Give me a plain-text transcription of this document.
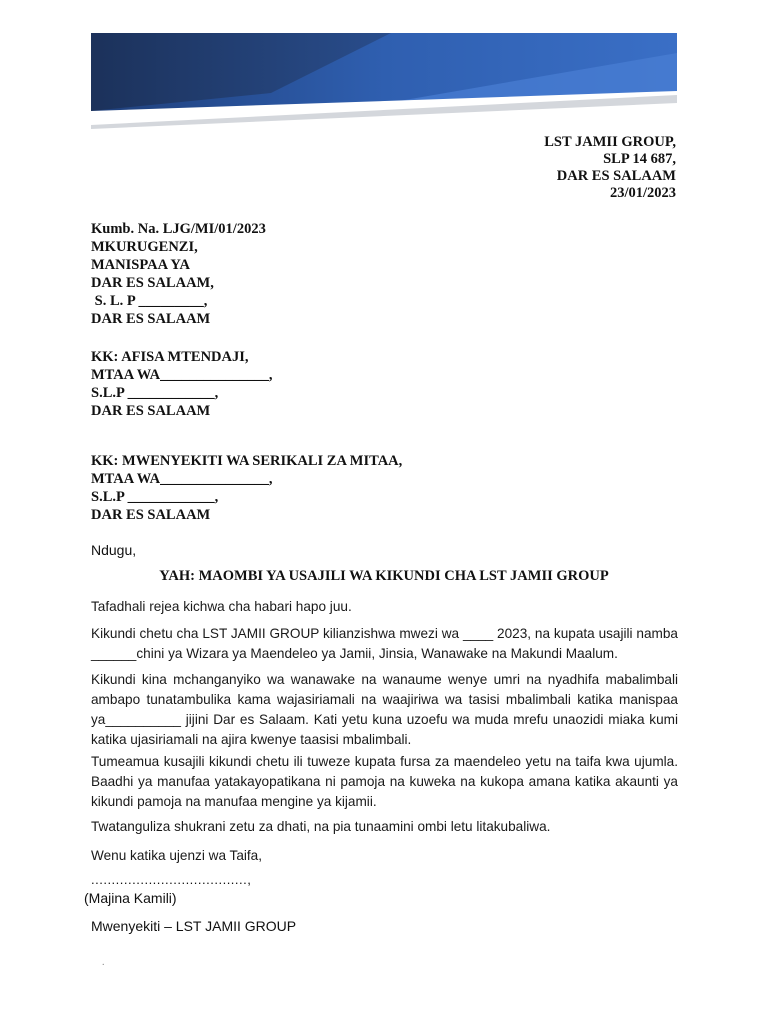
LST JAMII GROUP,
SLP 14 687,
DAR ES SALAAM
23/01/2023
Kumb. Na. LJG/MI/01/2023
MKURUGENZI,
MANISPAA YA
DAR ES SALAAM,
S. L. P _________,
DAR ES SALAAM
KK: AFISA MTENDAJI,
MTAA WA_______________,
S.L.P ____________,
DAR ES SALAAM
KK: MWENYEKITI WA SERIKALI ZA MITAA,
MTAA WA_______________,
S.L.P ____________,
DAR ES SALAAM
Ndugu,
YAH: MAOMBI YA USAJILI WA KIKUNDI CHA LST JAMII GROUP
Tafadhali rejea kichwa cha habari hapo juu.
Kikundi chetu cha LST JAMII GROUP kilianzishwa mwezi wa ____ 2023, na kupata usajili namba ______chini ya Wizara ya Maendeleo ya Jamii, Jinsia, Wanawake na Makundi Maalum.
Kikundi kina mchanganyiko wa wanawake na wanaume wenye umri na nyadhifa mabalimbali ambapo tunatambulika kama wajasiriamali na waajiriwa wa tasisi mbalimbali katika manispaa ya__________ jijini Dar es Salaam. Kati yetu kuna uzoefu wa muda mrefu unaozidi miaka kumi katika ujasiriamali na ajira kwenye taasisi mbalimbali.
Tumeamua kusajili kikundi chetu ili tuweze kupata fursa za maendeleo yetu na taifa kwa ujumla. Baadhi ya manufaa yatakayopatikana ni pamoja na kuweka na kukopa amana katika akaunti ya kikundi pamoja na manufaa mengine ya kijamii.
Twatanguliza shukrani zetu za dhati, na pia tunaamini ombi letu litakubaliwa.
Wenu katika ujenzi wa Taifa,
......................................,
(Majina Kamili)
Mwenyekiti – LST JAMII GROUP
.
